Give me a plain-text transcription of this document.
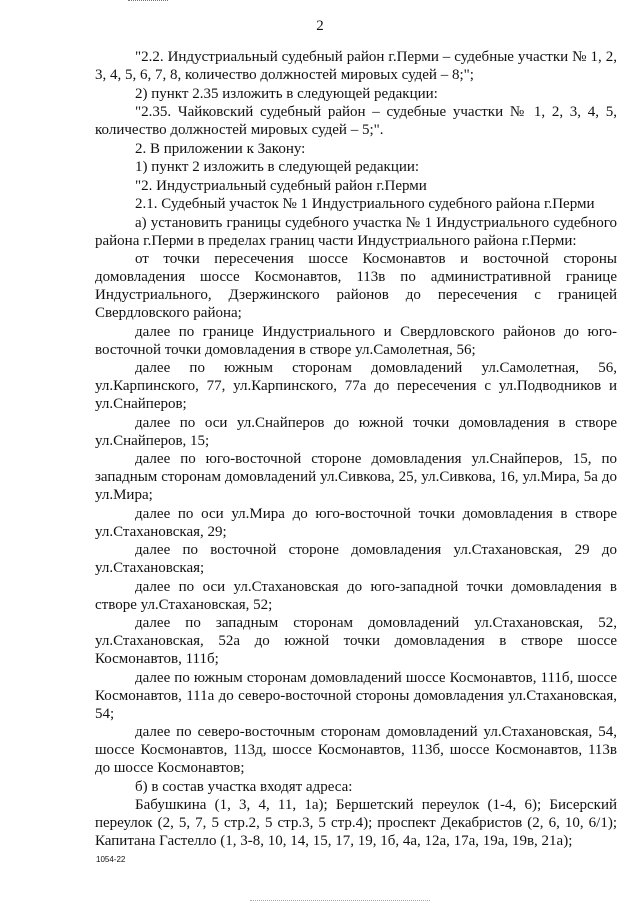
2

"2.2. Индустриальный судебный район г.Перми – судебные участки № 1, 2, 3, 4, 5, 6, 7, 8, количество должностей мировых судей – 8;";

2) пункт 2.35 изложить в следующей редакции:

"2.35. Чайковский судебный район – судебные участки № 1, 2, 3, 4, 5, количество должностей мировых судей – 5;".

2. В приложении к Закону:

1) пункт 2 изложить в следующей редакции:

"2. Индустриальный судебный район г.Перми

2.1. Судебный участок № 1 Индустриального судебного района г.Перми

а) установить границы судебного участка № 1 Индустриального судебного района г.Перми в пределах границ части Индустриального района г.Перми:

от точки пересечения шоссе Космонавтов и восточной стороны домовладения шоссе Космонавтов, 113в по административной границе Индустриального, Дзержинского районов до пересечения с границей Свердловского района;

далее по границе Индустриального и Свердловского районов до юго-восточной точки домовладения в створе ул.Самолетная, 56;

далее по южным сторонам домовладений ул.Самолетная, 56, ул.Карпинского, 77, ул.Карпинского, 77а до пересечения с ул.Подводников и ул.Снайперов;

далее по оси ул.Снайперов до южной точки домовладения в створе ул.Снайперов, 15;

далее по юго-восточной стороне домовладения ул.Снайперов, 15, по западным сторонам домовладений ул.Сивкова, 25, ул.Сивкова, 16, ул.Мира, 5а до ул.Мира;

далее по оси ул.Мира до юго-восточной точки домовладения в створе ул.Стахановская, 29;

далее по восточной стороне домовладения ул.Стахановская, 29 до ул.Стахановская;

далее по оси ул.Стахановская до юго-западной точки домовладения в створе ул.Стахановская, 52;

далее по западным сторонам домовладений ул.Стахановская, 52, ул.Стахановская, 52а до южной точки домовладения в створе шоссе Космонавтов, 111б;

далее по южным сторонам домовладений шоссе Космонавтов, 111б, шоссе Космонавтов, 111а до северо-восточной стороны домовладения ул.Стахановская, 54;

далее по северо-восточным сторонам домовладений ул.Стахановская, 54, шоссе Космонавтов, 113д, шоссе Космонавтов, 113б, шоссе Космонавтов, 113в до шоссе Космонавтов;

б) в состав участка входят адреса:

Бабушкина (1, 3, 4, 11, 1а); Бершетский переулок (1-4, 6); Бисерский переулок (2, 5, 7, 5 стр.2, 5 стр.3, 5 стр.4); проспект Декабристов (2, 6, 10, 6/1); Капитана Гастелло (1, 3-8, 10, 14, 15, 17, 19, 1б, 4а, 12а, 17а, 19а, 19в, 21а);

1054-22
